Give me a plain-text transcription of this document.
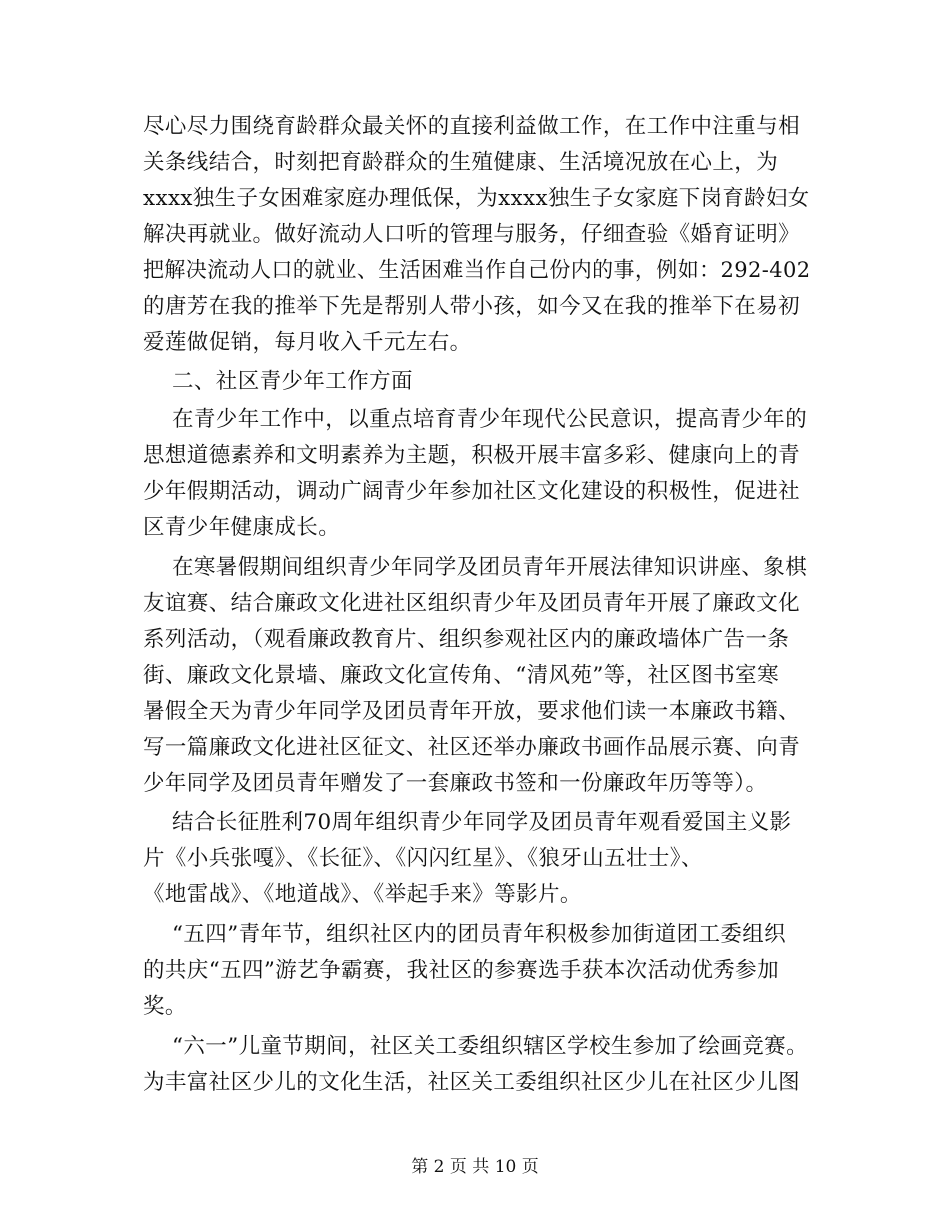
尽心尽力围绕育龄群众最关怀的直接利益做工作，在工作中注重与相
关条线结合，时刻把育龄群众的生殖健康、生活境况放在心上，为
xxxx独生子女困难家庭办理低保，为xxxx独生子女家庭下岗育龄妇女
解决再就业。做好流动人口听的管理与服务，仔细查验《婚育证明》
把解决流动人口的就业、生活困难当作自己份内的事，例如：292-402
的唐芳在我的推举下先是帮别人带小孩，如今又在我的推举下在易初
爱莲做促销，每月收入千元左右。
二、社区青少年工作方面
在青少年工作中，以重点培育青少年现代公民意识，提高青少年的
思想道德素养和文明素养为主题，积极开展丰富多彩、健康向上的青
少年假期活动，调动广阔青少年参加社区文化建设的积极性，促进社
区青少年健康成长。
在寒暑假期间组织青少年同学及团员青年开展法律知识讲座、象棋
友谊赛、结合廉政文化进社区组织青少年及团员青年开展了廉政文化
系列活动，（观看廉政教育片、组织参观社区内的廉政墙体广告一条
街、廉政文化景墙、廉政文化宣传角、“清风苑”等，社区图书室寒
暑假全天为青少年同学及团员青年开放，要求他们读一本廉政书籍、
写一篇廉政文化进社区征文、社区还举办廉政书画作品展示赛、向青
少年同学及团员青年赠发了一套廉政书签和一份廉政年历等等）。
结合长征胜利70周年组织青少年同学及团员青年观看爱国主义影
片《小兵张嘎》、《长征》、《闪闪红星》、《狼牙山五壮士》、
《地雷战》、《地道战》、《举起手来》等影片。
“五四”青年节，组织社区内的团员青年积极参加街道团工委组织
的共庆“五四”游艺争霸赛，我社区的参赛选手获本次活动优秀参加
奖。
“六一”儿童节期间，社区关工委组织辖区学校生参加了绘画竞赛。
为丰富社区少儿的文化生活，社区关工委组织社区少儿在社区少儿图
第 2 页 共 10 页
